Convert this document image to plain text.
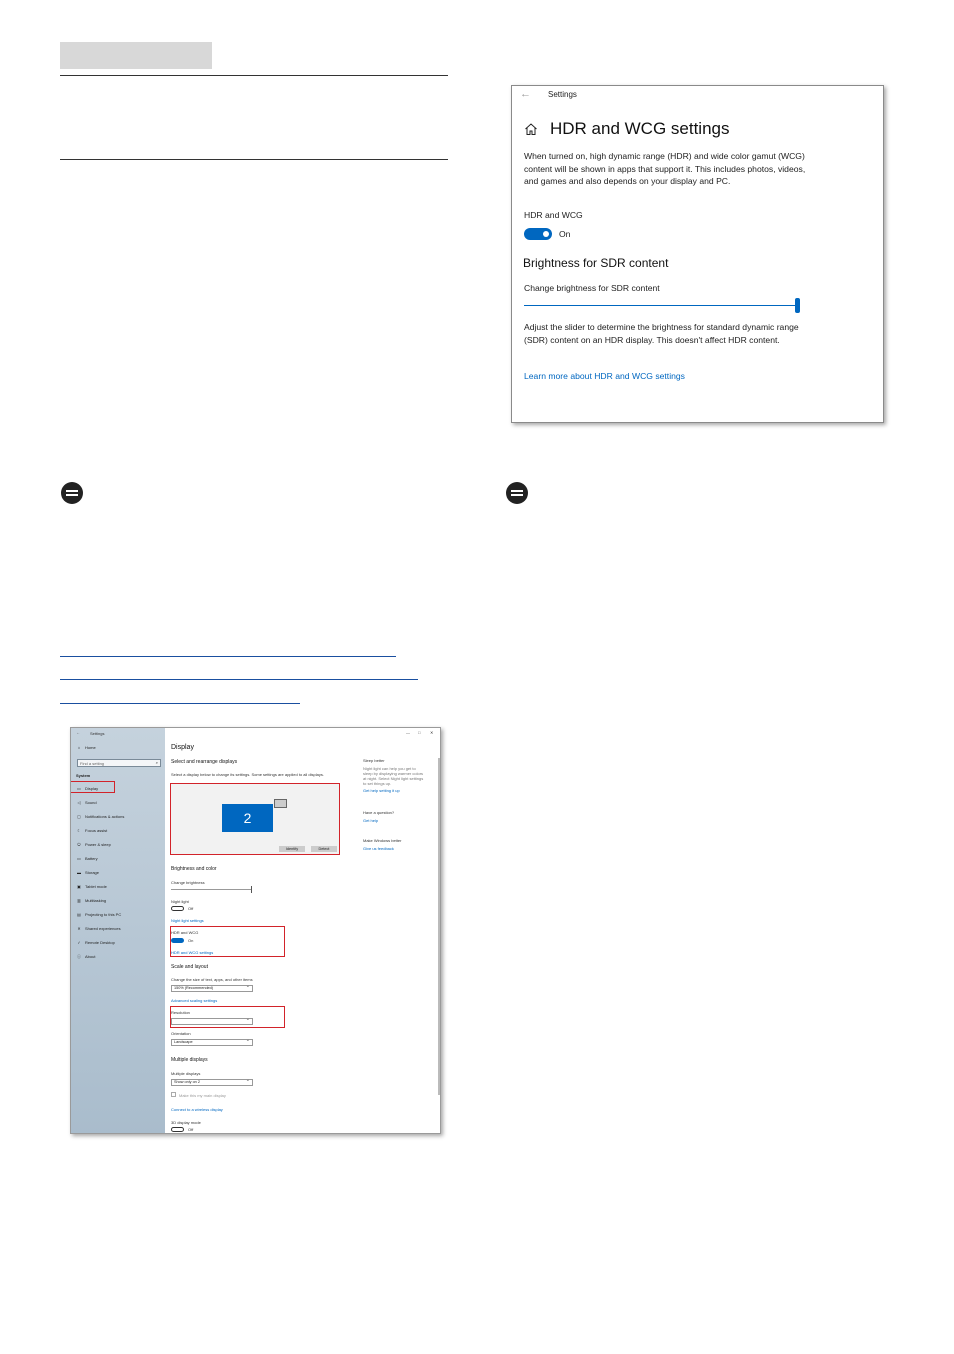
← Settings
HDR and WCG settings
When turned on, high dynamic range (HDR) and wide color gamut (WCG) content will be shown in apps that support it. This includes photos, videos, and games and also depends on your display and PC.
HDR and WCG
On
Brightness for SDR content
Change brightness for SDR content
Adjust the slider to determine the brightness for standard dynamic range (SDR) content on an HDR display. This doesn't affect HDR content.
Learn more about HDR and WCG settings
←	Settings	— □ ✕
⌂ Home
Find a setting	⌕
System
▭ Display
◁ Sound
▢ Notifications & actions
☾ Focus assist
⏻ Power & sleep
▭ Battery
▬ Storage
▣ Tablet mode
▥ Multitasking
▤ Projecting to this PC
✕ Shared experiences
✓ Remote Desktop
ⓘ About
Display
Select and rearrange displays
Select a display below to change its settings. Some settings are applied to all displays.
2
Identify	Detect
Brightness and color
Change brightness
Night light
Off
Night light settings
HDR and WCG
On
HDR and WCG settings
Scale and layout
Change the size of text, apps, and other items
150% (Recommended) ⌄
Advanced scaling settings
Resolution
⌄
Orientation
Landscape ⌄
Multiple displays
Multiple displays
Show only on 2 ⌄
Make this my main display
Connect to a wireless display
3D display mode
Off
Sleep better
Night light can help you get to
sleep by displaying warmer colors
at night. Select Night light settings
to set things up.
Get help setting it up
Have a question?
Get help
Make Windows better
Give us feedback
